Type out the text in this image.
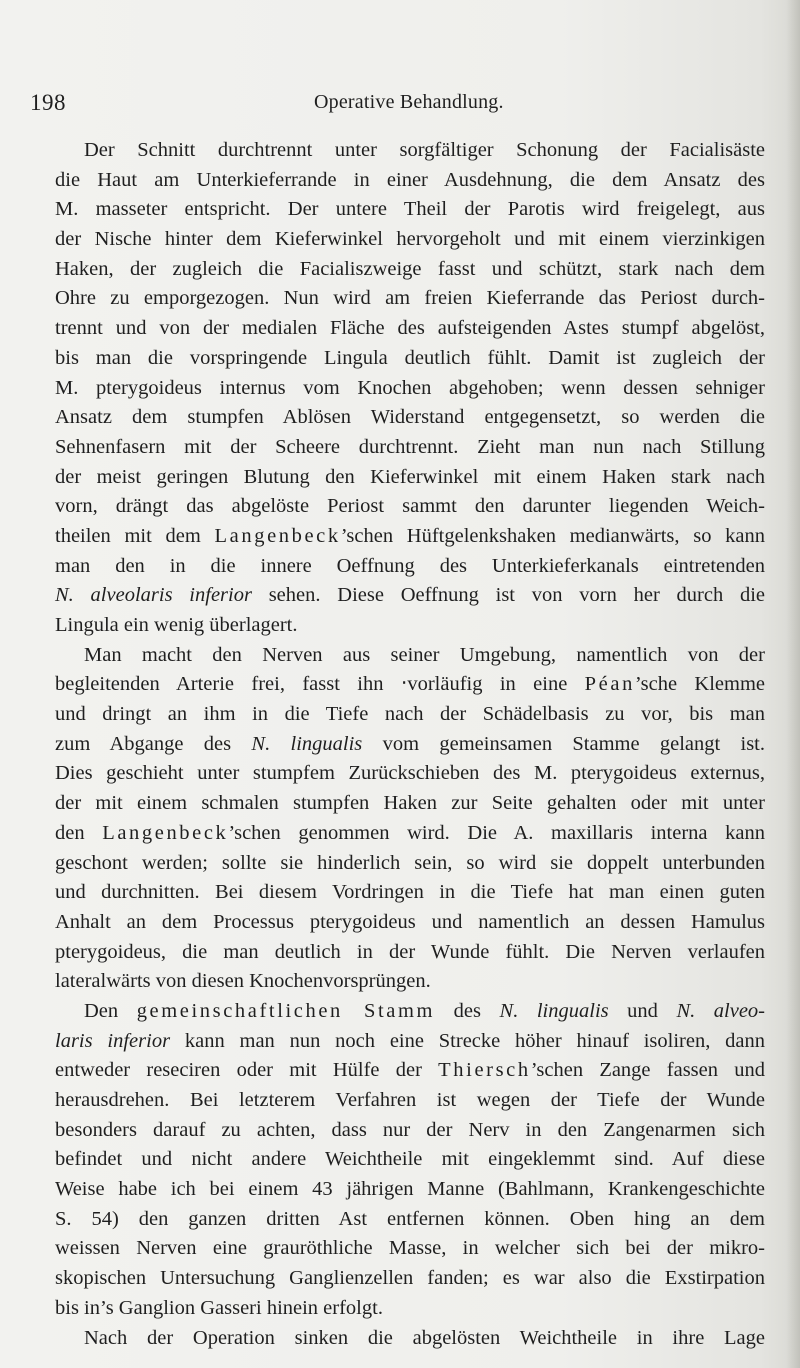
198	Operative Behandlung.
Der Schnitt durchtrennt unter sorgfältiger Schonung der Facialisäste
die Haut am Unterkieferrande in einer Ausdehnung, die dem Ansatz des
M. masseter entspricht. Der untere Theil der Parotis wird freigelegt, aus
der Nische hinter dem Kieferwinkel hervorgeholt und mit einem vierzinkigen
Haken, der zugleich die Facialiszweige fasst und schützt, stark nach dem
Ohre zu emporgezogen. Nun wird am freien Kieferrande das Periost durch-
trennt und von der medialen Fläche des aufsteigenden Astes stumpf abgelöst,
bis man die vorspringende Lingula deutlich fühlt. Damit ist zugleich der
M. pterygoideus internus vom Knochen abgehoben; wenn dessen sehniger
Ansatz dem stumpfen Ablösen Widerstand entgegensetzt, so werden die
Sehnenfasern mit der Scheere durchtrennt. Zieht man nun nach Stillung
der meist geringen Blutung den Kieferwinkel mit einem Haken stark nach
vorn, drängt das abgelöste Periost sammt den darunter liegenden Weich-
theilen mit dem Langenbeck’schen Hüftgelenkshaken medianwärts, so kann
man den in die innere Oeffnung des Unterkieferkanals eintretenden
N. alveolaris inferior sehen. Diese Oeffnung ist von vorn her durch die
Lingula ein wenig überlagert.
Man macht den Nerven aus seiner Umgebung, namentlich von der
begleitenden Arterie frei, fasst ihn ‧vorläufig in eine Péan’sche Klemme
und dringt an ihm in die Tiefe nach der Schädelbasis zu vor, bis man
zum Abgange des N. lingualis vom gemeinsamen Stamme gelangt ist.
Dies geschieht unter stumpfem Zurückschieben des M. pterygoideus externus,
der mit einem schmalen stumpfen Haken zur Seite gehalten oder mit unter
den Langenbeck’schen genommen wird. Die A. maxillaris interna kann
geschont werden; sollte sie hinderlich sein, so wird sie doppelt unterbunden
und durchnitten. Bei diesem Vordringen in die Tiefe hat man einen guten
Anhalt an dem Processus pterygoideus und namentlich an dessen Hamulus
pterygoideus, die man deutlich in der Wunde fühlt. Die Nerven verlaufen
lateralwärts von diesen Knochenvorsprüngen.
Den gemeinschaftlichen Stamm des N. lingualis und N. alveo-
laris inferior kann man nun noch eine Strecke höher hinauf isoliren, dann
entweder reseciren oder mit Hülfe der Thiersch’schen Zange fassen und
herausdrehen. Bei letzterem Verfahren ist wegen der Tiefe der Wunde
besonders darauf zu achten, dass nur der Nerv in den Zangenarmen sich
befindet und nicht andere Weichtheile mit eingeklemmt sind. Auf diese
Weise habe ich bei einem 43 jährigen Manne (Bahlmann, Krankengeschichte
S. 54) den ganzen dritten Ast entfernen können. Oben hing an dem
weissen Nerven eine grauröthliche Masse, in welcher sich bei der mikro-
skopischen Untersuchung Ganglienzellen fanden; es war also die Exstirpation
bis in’s Ganglion Gasseri hinein erfolgt.
Nach der Operation sinken die abgelösten Weichtheile in ihre Lage
